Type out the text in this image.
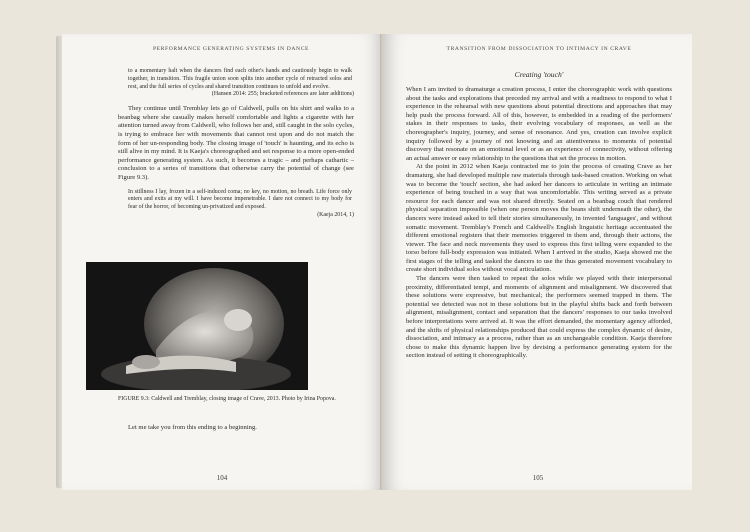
PERFORMANCE GENERATING SYSTEMS IN DANCE

to a momentary halt when the dancers find each other's hands and cautiously begin to walk together, in transition. This fragile union soon splits into another cycle of retracted solos and rest, and the full series of cycles and shared transition continues to unfold and evolve.

(Hansen 2014: 255; bracketed references are later additions)

They continue until Tremblay lets go of Caldwell, pulls on his shirt and walks to a beanbag where she casually makes herself comfortable and lights a cigarette with her attention turned away from Caldwell, who follows her and, still caught in the solo cycles, is trying to embrace her with movements that cannot rest upon and do not match the form of her un-responding body. The closing image of 'touch' is haunting, and its echo is still alive in my mind. It is Kaeja's choreographed and set response to a more open-ended performance generating system. As such, it becomes a tragic – and perhaps cathartic – conclusion to a series of transitions that otherwise carry the potential of change (see Figure 9.3).

In stillness I lay, frozen in a self-induced coma; no key, no motion, no breath. Life force only enters and exits at my will. I have become impenetrable. I dare not connect to my body for fear of the horror, of becoming un-privatized and exposed.

(Kaeja 2014, 1)

FIGURE 9.3: Caldwell and Tremblay, closing image of Crave, 2013. Photo by Irina Popova.
Let me take you from this ending to a beginning.
104
TRANSITION FROM DISSOCIATION TO INTIMACY IN CRAVE
Creating 'touch'

When I am invited to dramaturge a creation process, I enter the choreographic work with questions about the tasks and explorations that preceded my arrival and with a readiness to respond to what I experience in the rehearsal with new questions about potential directions and approaches that may help push the process forward. All of this, however, is embedded in a reading of the performers' stakes in their responses to tasks, their evolving vocabulary of responses, as well as the choreographer's inquiry, journey, and sense of resonance. And yes, creation can involve explicit inquiry followed by a journey of not knowing and an attentiveness to moments of potential discovery that resonate on an emotional level or as an experience of connectivity, without offering an actual answer or easy relationship to the questions that set the process in motion.

At the point in 2012 when Kaeja contracted me to join the process of creating Crave as her dramaturg, she had developed multiple raw materials through task-based creation. Working on what was to become the 'touch' section, she had asked her dancers to articulate in writing an intimate experience of being touched in a way that was uncomfortable. This writing served as a private resource for each dancer and was not shared directly. Seated on a beanbag couch that rendered physical separation impossible (when one person moves the beans shift underneath the other), the dancers were instead asked to tell their stories simultaneously, in invented 'languages', and without somatic movement. Tremblay's French and Caldwell's English linguistic heritage accentuated the different emotional registers that their memories triggered in them and, through their actions, the viewer. The face and neck movements they used to express this first telling were expanded to the torso before full-body expression was initiated. When I arrived in the studio, Kaeja showed me the first stages of the telling and tasked the dancers to use the thus generated movement vocabulary to create short individual solos without vocal articulation.

The dancers were then tasked to repeat the solos while we played with their interpersonal proximity, differentiated tempi, and moments of alignment and misalignment. We discovered that these solutions were expressive, but mechanical; the performers seemed trapped in them. The potential we detected was not in these solutions but in the playful shifts back and forth between alignment, misalignment, contact and separation that the dancers' responses to our tasks involved before interpretations were arrived at. It was the effort demanded, the momentary agency afforded, and the shifts of physical relationships produced that could express the complex dynamic of desire, dissociation, and intimacy as a process, rather than as an unchangeable condition. Kaeja therefore chose to make this dynamic happen live by devising a performance generating system for the section instead of setting it choreographically.

105
